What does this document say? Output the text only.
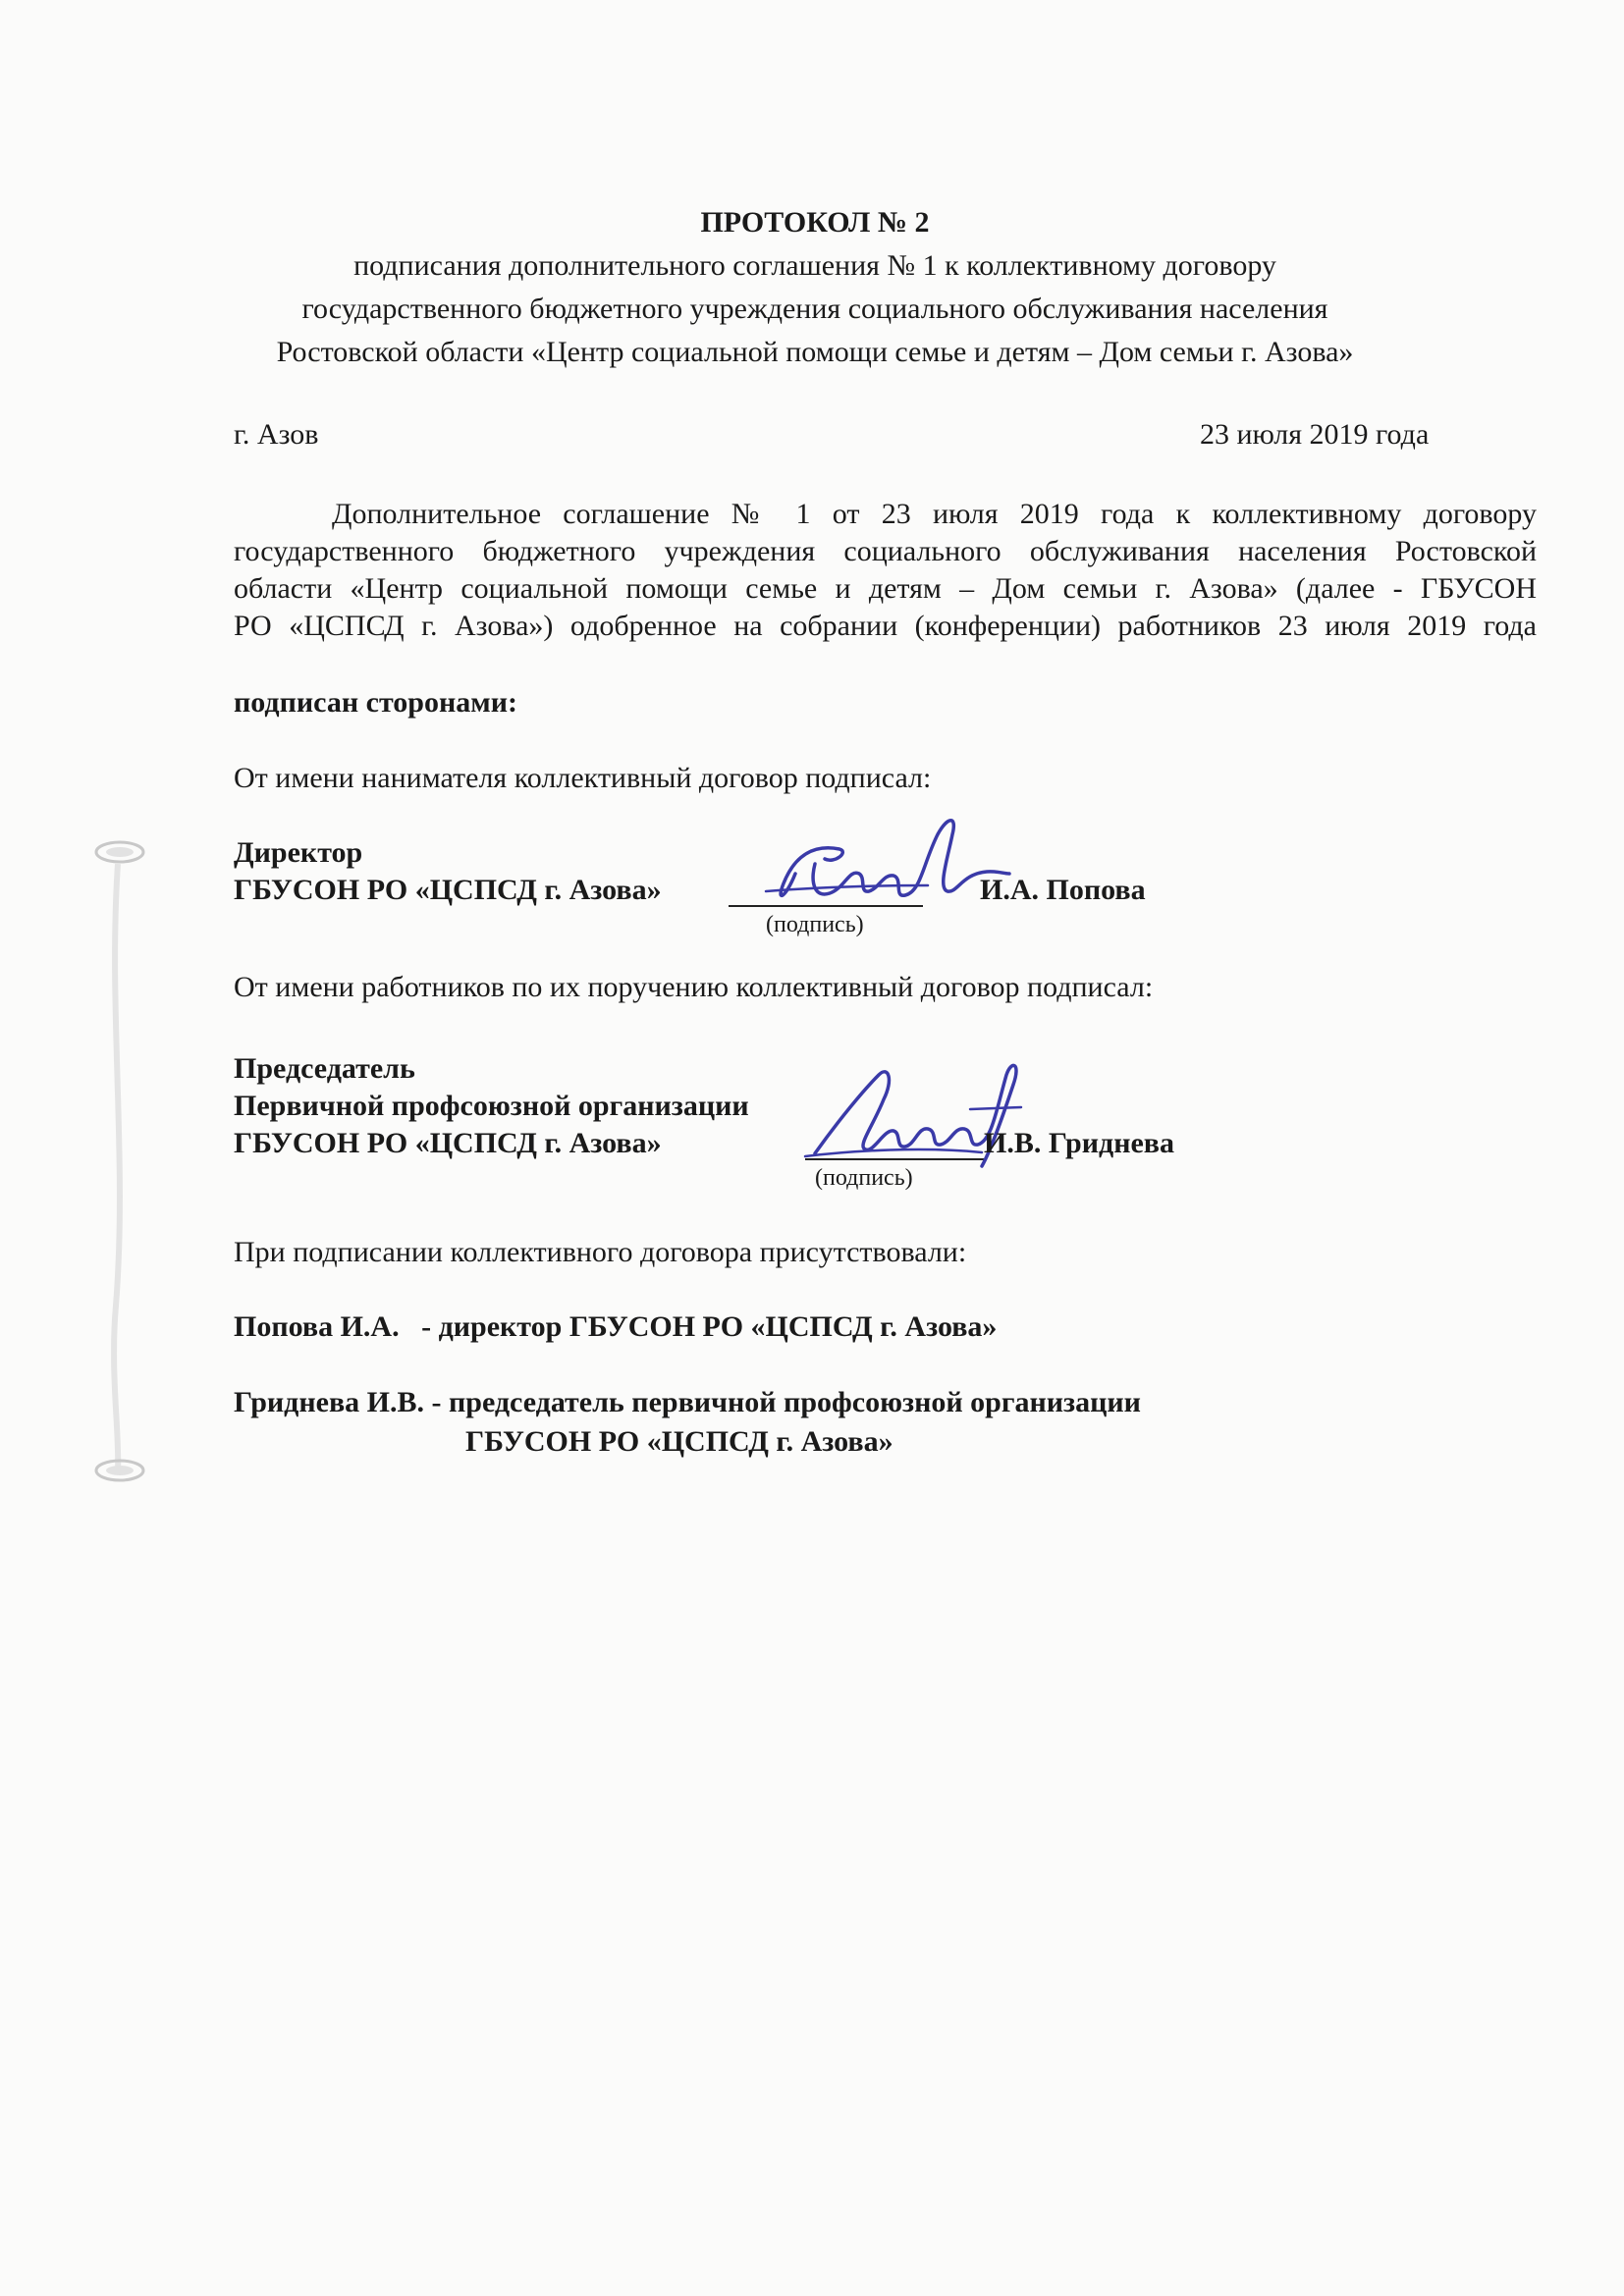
ПРОТОКОЛ № 2
подписания дополнительного соглашения № 1 к коллективному договору
государственного бюджетного учреждения социального обслуживания населения
Ростовской области «Центр социальной помощи семье и детям – Дом семьи г. Азова»
г. Азов	23 июля 2019 года
Дополнительное соглашение № 1 от 23 июля 2019 года к коллективному договору
государственного бюджетного учреждения социального обслуживания населения Ростовской
области «Центр социальной помощи семье и детям – Дом семьи г. Азова» (далее - ГБУСОН
РО «ЦСПСД г. Азова») одобренное на собрании (конференции) работников 23 июля 2019 года
подписан сторонами:
От имени нанимателя коллективный договор подписал:
Директор
ГБУСОН РО «ЦСПСД г. Азова»
(подпись)
И.А. Попова
От имени работников по их поручению коллективный договор подписал:
Председатель
Первичной профсоюзной организации
ГБУСОН РО «ЦСПСД г. Азова»
(подпись)
И.В. Гриднева
При подписании коллективного договора присутствовали:
Попова И.А.   - директор ГБУСОН РО «ЦСПСД г. Азова»
Гриднева И.В. - председатель первичной профсоюзной организации
ГБУСОН РО «ЦСПСД г. Азова»
